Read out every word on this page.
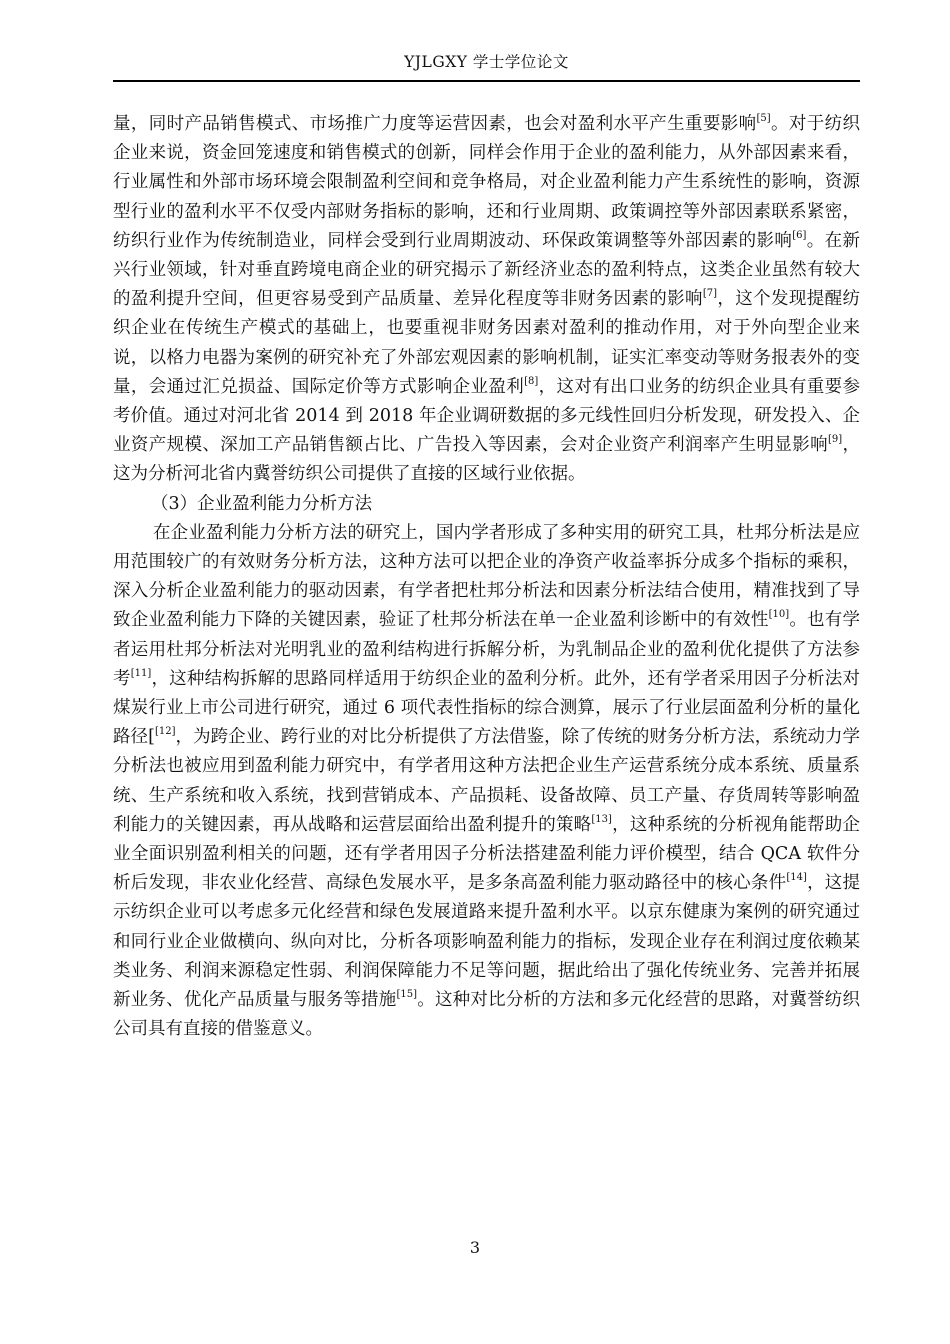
YJLGXY 学士学位论文

量，同时产品销售模式、市场推广力度等运营因素，也会对盈利水平产生重要影响[5]。对于纺织企业来说，资金回笼速度和销售模式的创新，同样会作用于企业的盈利能力，从外部因素来看，行业属性和外部市场环境会限制盈利空间和竞争格局，对企业盈利能力产生系统性的影响，资源型行业的盈利水平不仅受内部财务指标的影响，还和行业周期、政策调控等外部因素联系紧密，纺织行业作为传统制造业，同样会受到行业周期波动、环保政策调整等外部因素的影响[6]。在新兴行业领域，针对垂直跨境电商企业的研究揭示了新经济业态的盈利特点，这类企业虽然有较大的盈利提升空间，但更容易受到产品质量、差异化程度等非财务因素的影响[7]，这个发现提醒纺织企业在传统生产模式的基础上，也要重视非财务因素对盈利的推动作用，对于外向型企业来说，以格力电器为案例的研究补充了外部宏观因素的影响机制，证实汇率变动等财务报表外的变量，会通过汇兑损益、国际定价等方式影响企业盈利[8]，这对有出口业务的纺织企业具有重要参考价值。通过对河北省 2014 到 2018 年企业调研数据的多元线性回归分析发现，研发投入、企业资产规模、深加工产品销售额占比、广告投入等因素，会对企业资产利润率产生明显影响[9]，这为分析河北省内冀誉纺织公司提供了直接的区域行业依据。

（3）企业盈利能力分析方法

在企业盈利能力分析方法的研究上，国内学者形成了多种实用的研究工具，杜邦分析法是应用范围较广的有效财务分析方法，这种方法可以把企业的净资产收益率拆分成多个指标的乘积，深入分析企业盈利能力的驱动因素，有学者把杜邦分析法和因素分析法结合使用，精准找到了导致企业盈利能力下降的关键因素，验证了杜邦分析法在单一企业盈利诊断中的有效性[10]。也有学者运用杜邦分析法对光明乳业的盈利结构进行拆解分析，为乳制品企业的盈利优化提供了方法参考[11]，这种结构拆解的思路同样适用于纺织企业的盈利分析。此外，还有学者采用因子分析法对煤炭行业上市公司进行研究，通过 6 项代表性指标的综合测算，展示了行业层面盈利分析的量化路径[[12]，为跨企业、跨行业的对比分析提供了方法借鉴，除了传统的财务分析方法，系统动力学分析法也被应用到盈利能力研究中，有学者用这种方法把企业生产运营系统分成本系统、质量系统、生产系统和收入系统，找到营销成本、产品损耗、设备故障、员工产量、存货周转等影响盈利能力的关键因素，再从战略和运营层面给出盈利提升的策略[13]，这种系统的分析视角能帮助企业全面识别盈利相关的问题，还有学者用因子分析法搭建盈利能力评价模型，结合 QCA 软件分析后发现，非农业化经营、高绿色发展水平，是多条高盈利能力驱动路径中的核心条件[14]，这提示纺织企业可以考虑多元化经营和绿色发展道路来提升盈利水平。以京东健康为案例的研究通过和同行业企业做横向、纵向对比，分析各项影响盈利能力的指标，发现企业存在利润过度依赖某类业务、利润来源稳定性弱、利润保障能力不足等问题，据此给出了强化传统业务、完善并拓展新业务、优化产品质量与服务等措施[15]。这种对比分析的方法和多元化经营的思路，对冀誉纺织公司具有直接的借鉴意义。

3
